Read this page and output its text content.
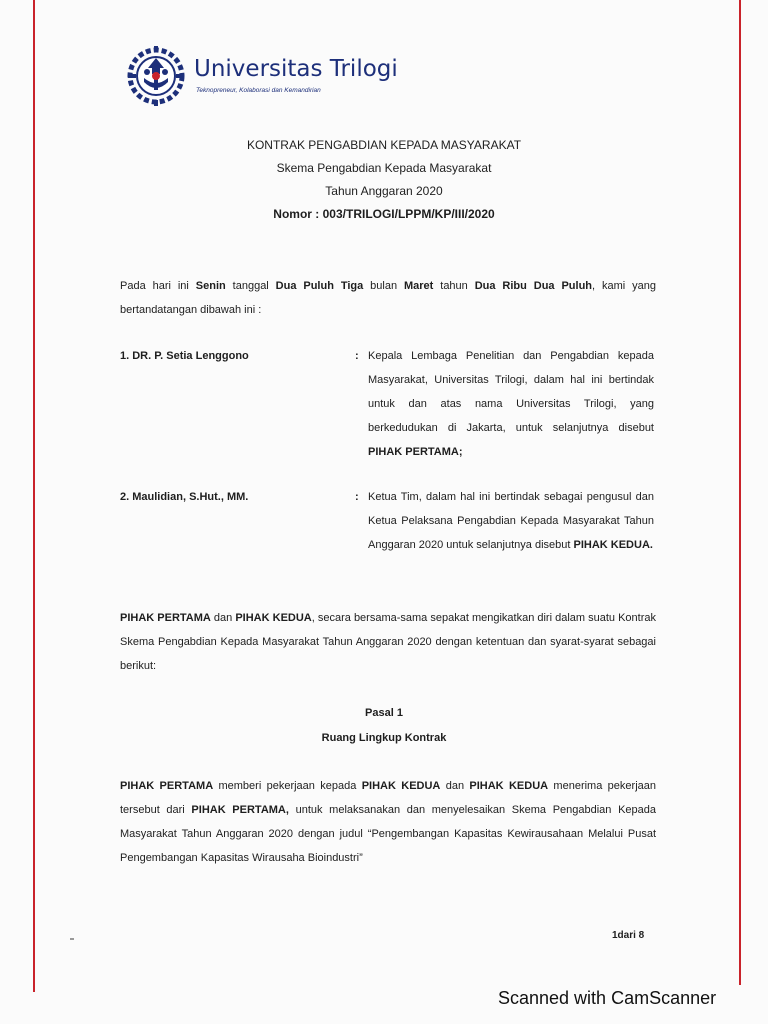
Universitas Trilogi
Teknopreneur, Kolaborasi dan Kemandirian
KONTRAK PENGABDIAN KEPADA MASYARAKAT
Skema Pengabdian Kepada Masyarakat
Tahun Anggaran 2020
Nomor : 003/TRILOGI/LPPM/KP/III/2020
Pada hari ini Senin tanggal Dua Puluh Tiga bulan Maret tahun Dua Ribu Dua Puluh, kami yang bertandatangan dibawah ini :
1. DR. P. Setia Lenggono	: Kepala Lembaga Penelitian dan Pengabdian kepada Masyarakat, Universitas Trilogi, dalam hal ini bertindak untuk dan atas nama Universitas Trilogi, yang berkedudukan di Jakarta, untuk selanjutnya disebut PIHAK PERTAMA;
2. Maulidian, S.Hut., MM.	: Ketua Tim, dalam hal ini bertindak sebagai pengusul dan Ketua Pelaksana Pengabdian Kepada Masyarakat Tahun Anggaran 2020 untuk selanjutnya disebut PIHAK KEDUA.
PIHAK PERTAMA dan PIHAK KEDUA, secara bersama-sama sepakat mengikatkan diri dalam suatu Kontrak Skema Pengabdian Kepada Masyarakat Tahun Anggaran 2020 dengan ketentuan dan syarat-syarat sebagai berikut:
Pasal 1
Ruang Lingkup Kontrak
PIHAK PERTAMA memberi pekerjaan kepada PIHAK KEDUA dan PIHAK KEDUA menerima pekerjaan tersebut dari PIHAK PERTAMA, untuk melaksanakan dan menyelesaikan Skema Pengabdian Kepada Masyarakat Tahun Anggaran 2020 dengan judul “Pengembangan Kapasitas Kewirausahaan Melalui Pusat Pengembangan Kapasitas Wirausaha Bioindustri”
1dari 8
Scanned with CamScanner
